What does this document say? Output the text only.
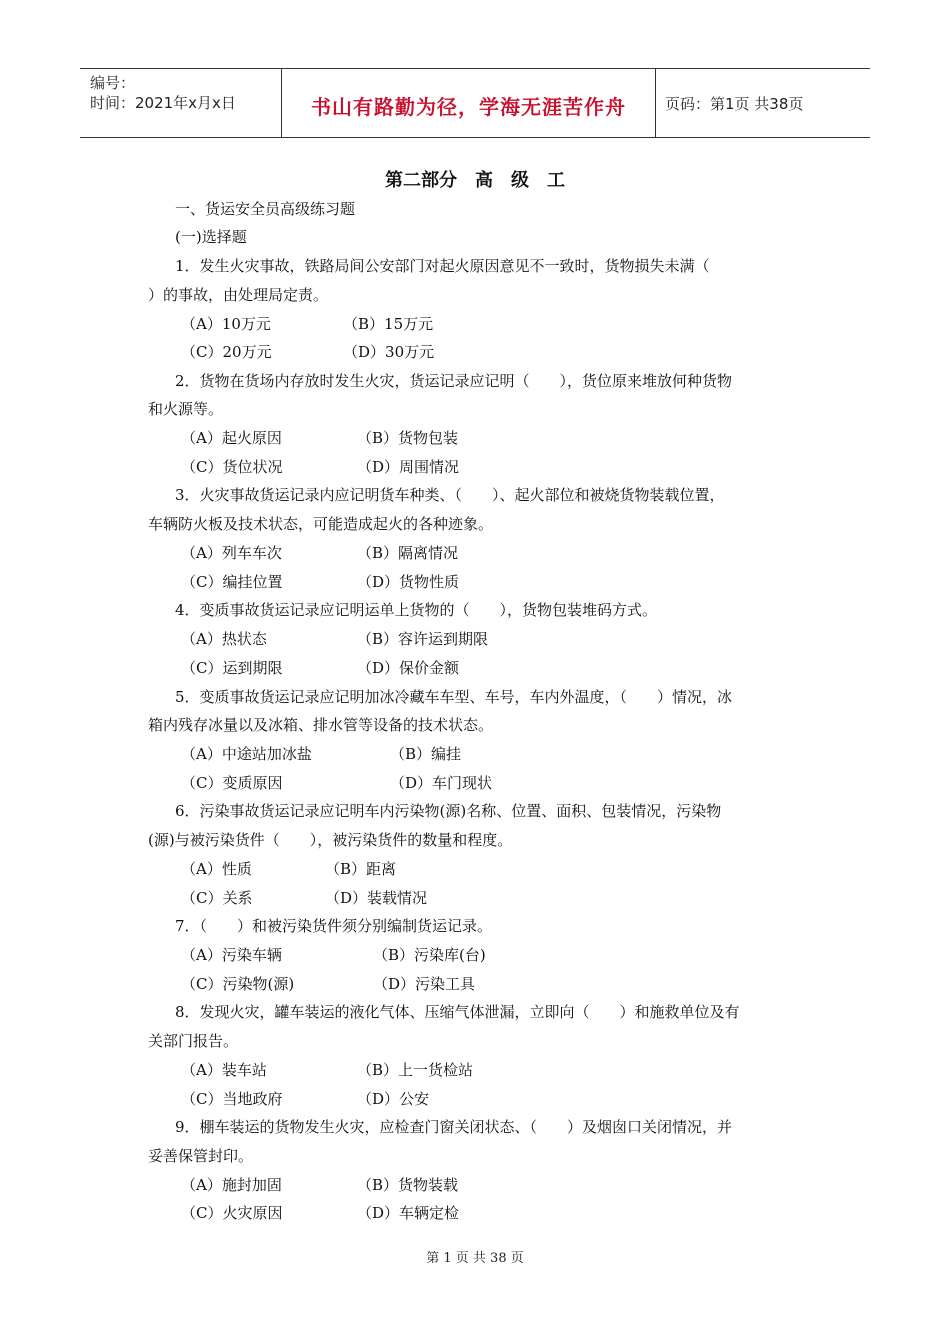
编号：
时间：2021年x月x日	书山有路勤为径，学海无涯苦作舟	页码：第1页 共38页
第二部分　高　级　工
一、货运安全员高级练习题
(一)选择题
1．发生火灾事故，铁路局间公安部门对起火原因意见不一致时，货物损失未满（
）的事故，由处理局定责。
（A）10万元	（B）15万元
（C）20万元	（D）30万元
2．货物在货场内存放时发生火灾，货运记录应记明（　　），货位原来堆放何种货物
和火源等。
（A）起火原因	（B）货物包装
（C）货位状况	（D）周围情况
3．火灾事故货运记录内应记明货车种类、（　　）、起火部位和被烧货物装载位置，
车辆防火板及技术状态，可能造成起火的各种迹象。
（A）列车车次	（B）隔离情况
（C）编挂位置	（D）货物性质
4．变质事故货运记录应记明运单上货物的（　　），货物包装堆码方式。
（A）热状态	（B）容许运到期限
（C）运到期限	（D）保价金额
5．变质事故货运记录应记明加冰冷藏车车型、车号，车内外温度，（　　）情况，冰
箱内残存冰量以及冰箱、排水管等设备的技术状态。
（A）中途站加冰盐	（B）编挂
（C）变质原因	（D）车门现状
6．污染事故货运记录应记明车内污染物(源)名称、位置、面积、包装情况，污染物
(源)与被污染货件（　　），被污染货件的数量和程度。
（A）性质	（B）距离
（C）关系	（D）装载情况
7．（　　）和被污染货件须分别编制货运记录。
（A）污染车辆	（B）污染库(台)
（C）污染物(源)	（D）污染工具
8．发现火灾，罐车装运的液化气体、压缩气体泄漏，立即向（　　）和施救单位及有
关部门报告。
（A）装车站	（B）上一货检站
（C）当地政府	（D）公安
9．棚车装运的货物发生火灾，应检查门窗关闭状态、（　　）及烟囱口关闭情况，并
妥善保管封印。
（A）施封加固	（B）货物装载
（C）火灾原因	（D）车辆定检
第 1 页 共 38 页
